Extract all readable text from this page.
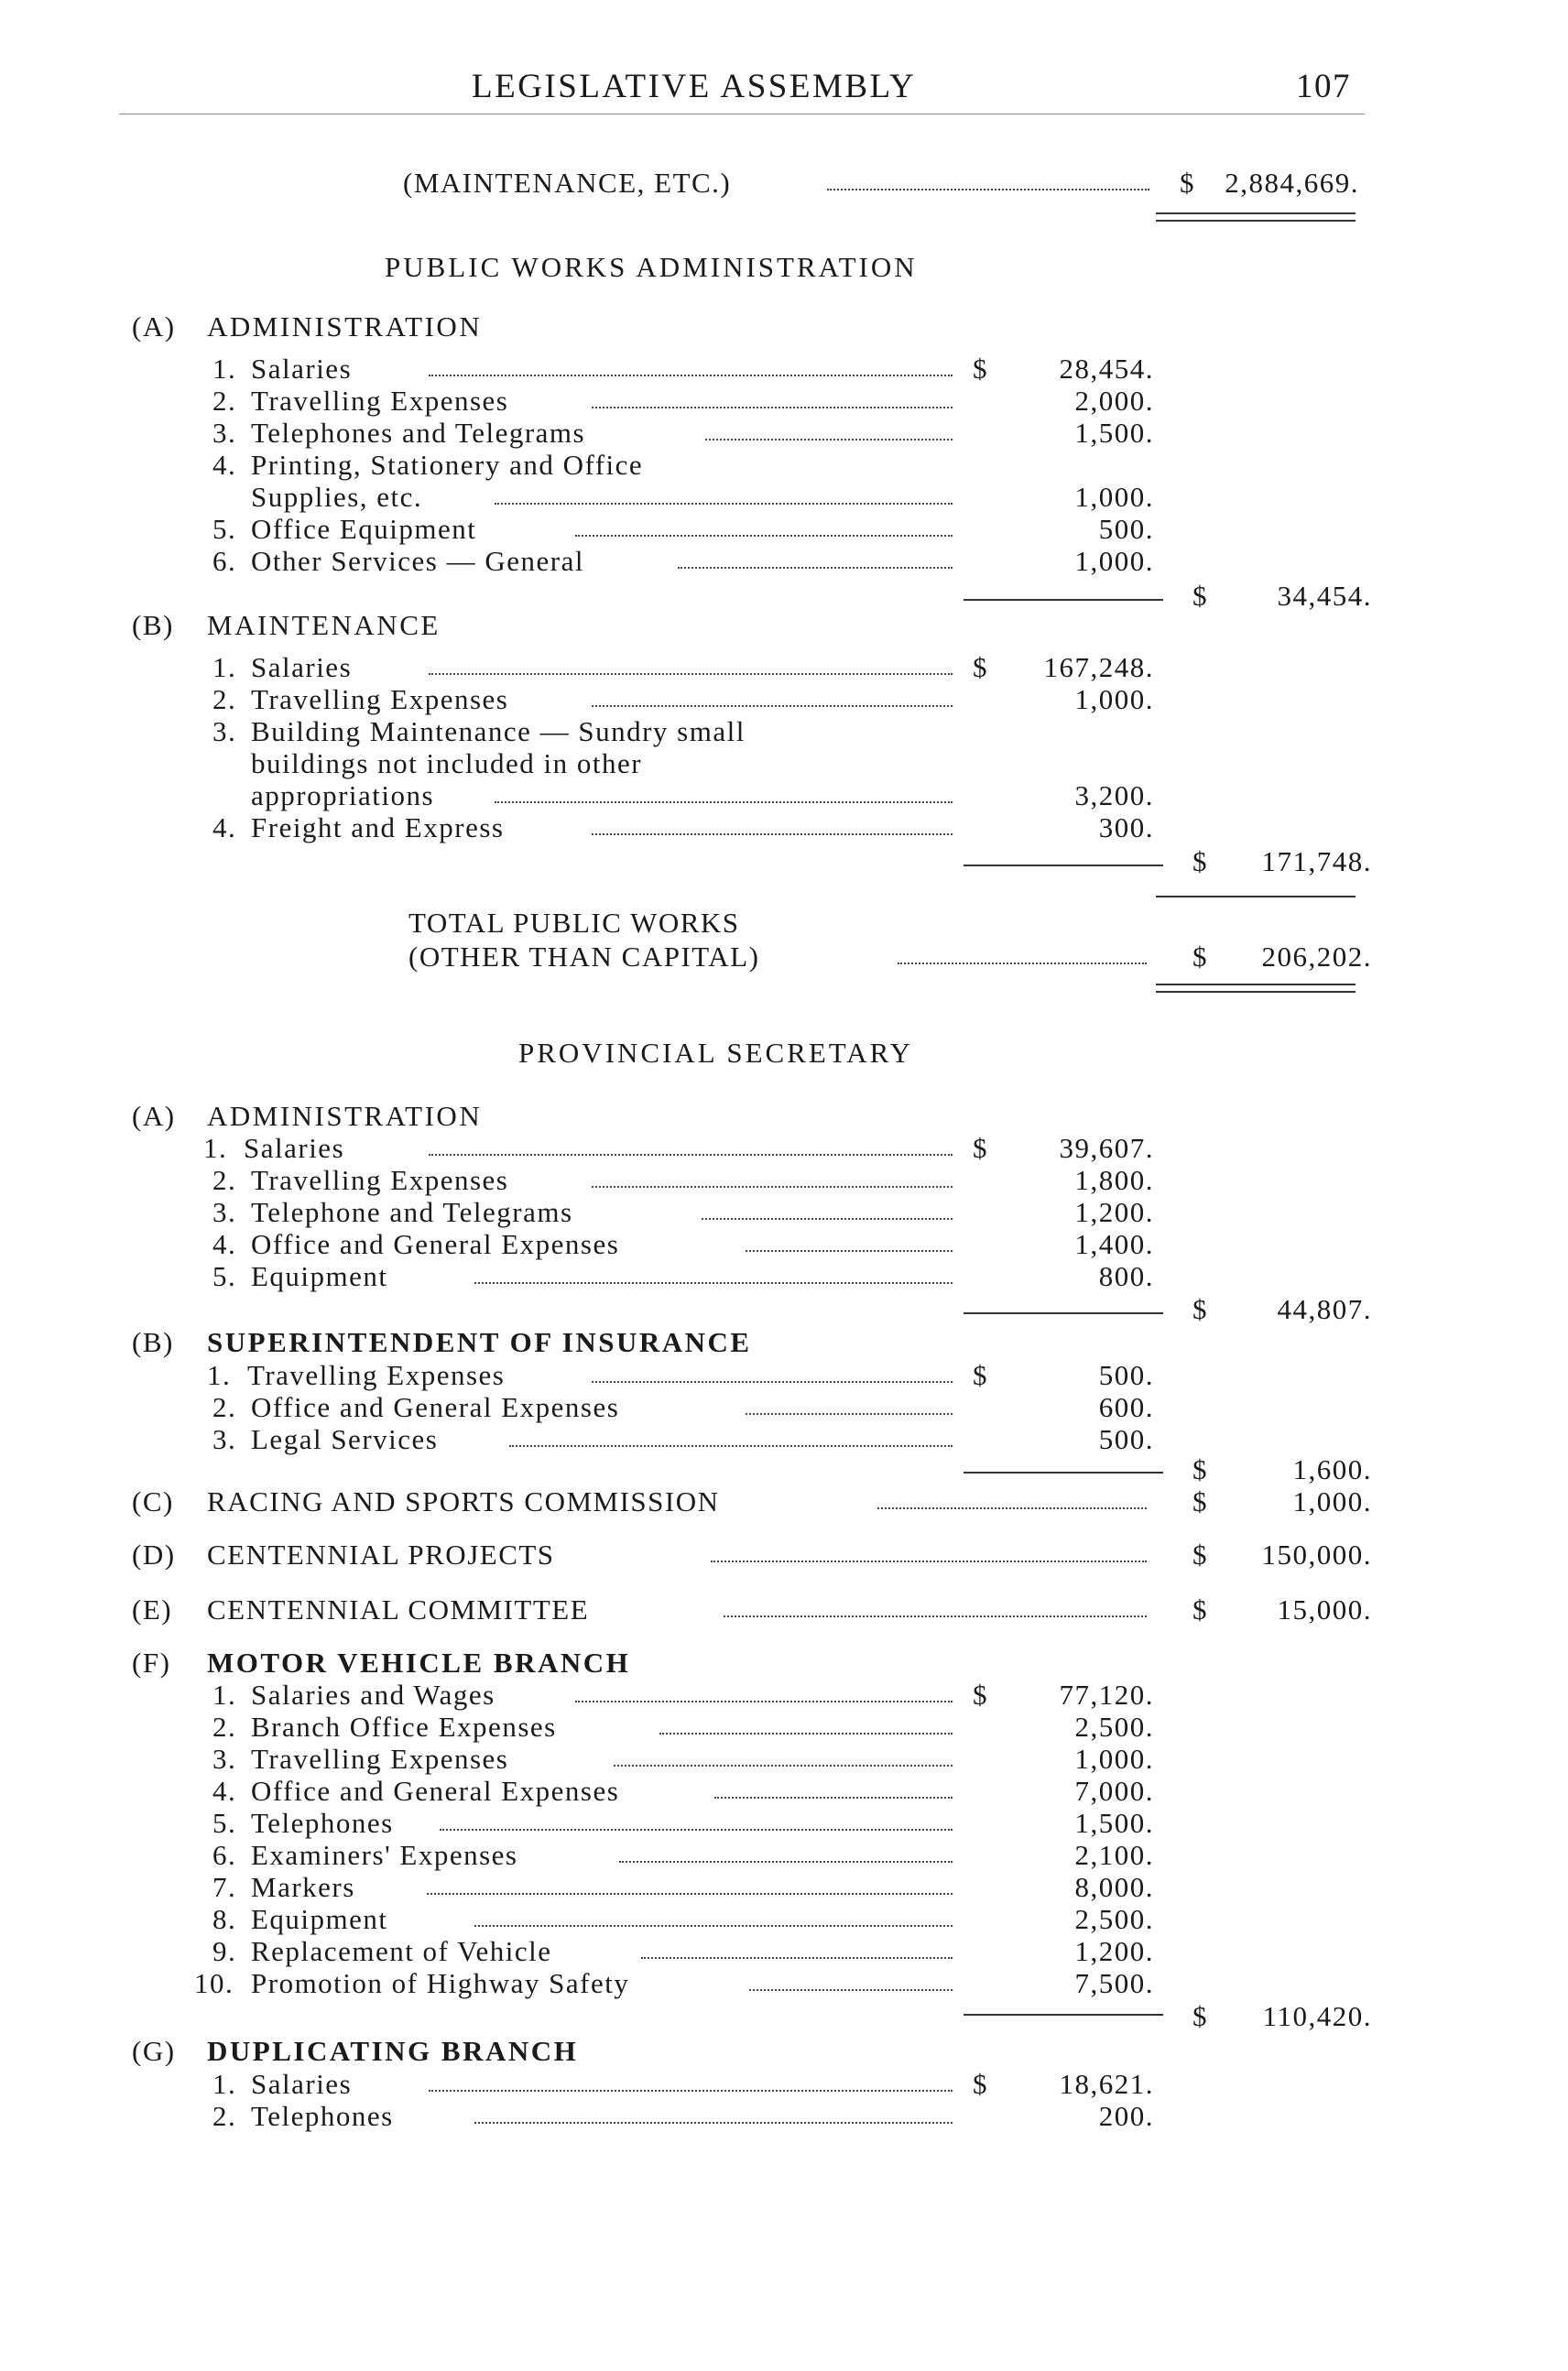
LEGISLATIVE ASSEMBLY	107
(MAINTENANCE, ETC.)	$ 2,884,669.
PUBLIC WORKS ADMINISTRATION
(A) ADMINISTRATION
1. Salaries	$	28,454.
2. Travelling Expenses	2,000.
3. Telephones and Telegrams	1,500.
4. Printing, Stationery and Office
Supplies, etc.	1,000.
5. Office Equipment	500.
6. Other Services — General	1,000.
$ 34,454.
(B) MAINTENANCE
1. Salaries	$ 167,248.
2. Travelling Expenses	1,000.
3. Building Maintenance — Sundry small
buildings not included in other
appropriations	3,200.
4. Freight and Express	300.
$ 171,748.
TOTAL PUBLIC WORKS
(OTHER THAN CAPITAL)	$ 206,202.
PROVINCIAL SECRETARY
(A) ADMINISTRATION
1. Salaries	$	39,607.
2. Travelling Expenses	1,800.
3. Telephone and Telegrams	1,200.
4. Office and General Expenses	1,400.
5. Equipment	800.
$ 44,807.
(B) SUPERINTENDENT OF INSURANCE
1. Travelling Expenses	$	500.
2. Office and General Expenses	600.
3. Legal Services	500.
$	1,600.
(C) RACING AND SPORTS COMMISSION	$	1,000.
(D) CENTENNIAL PROJECTS	$ 150,000.
(E) CENTENNIAL COMMITTEE	$ 15,000.
(F) MOTOR VEHICLE BRANCH
1. Salaries and Wages	$	77,120.
2. Branch Office Expenses	2,500.
3. Travelling Expenses	1,000.
4. Office and General Expenses	7,000.
5. Telephones	1,500.
6. Examiners' Expenses	2,100.
7. Markers	8,000.
8. Equipment	2,500.
9. Replacement of Vehicle	1,200.
10. Promotion of Highway Safety	7,500.
$ 110,420.
(G) DUPLICATING BRANCH
1. Salaries	$	18,621.
2. Telephones	200.
